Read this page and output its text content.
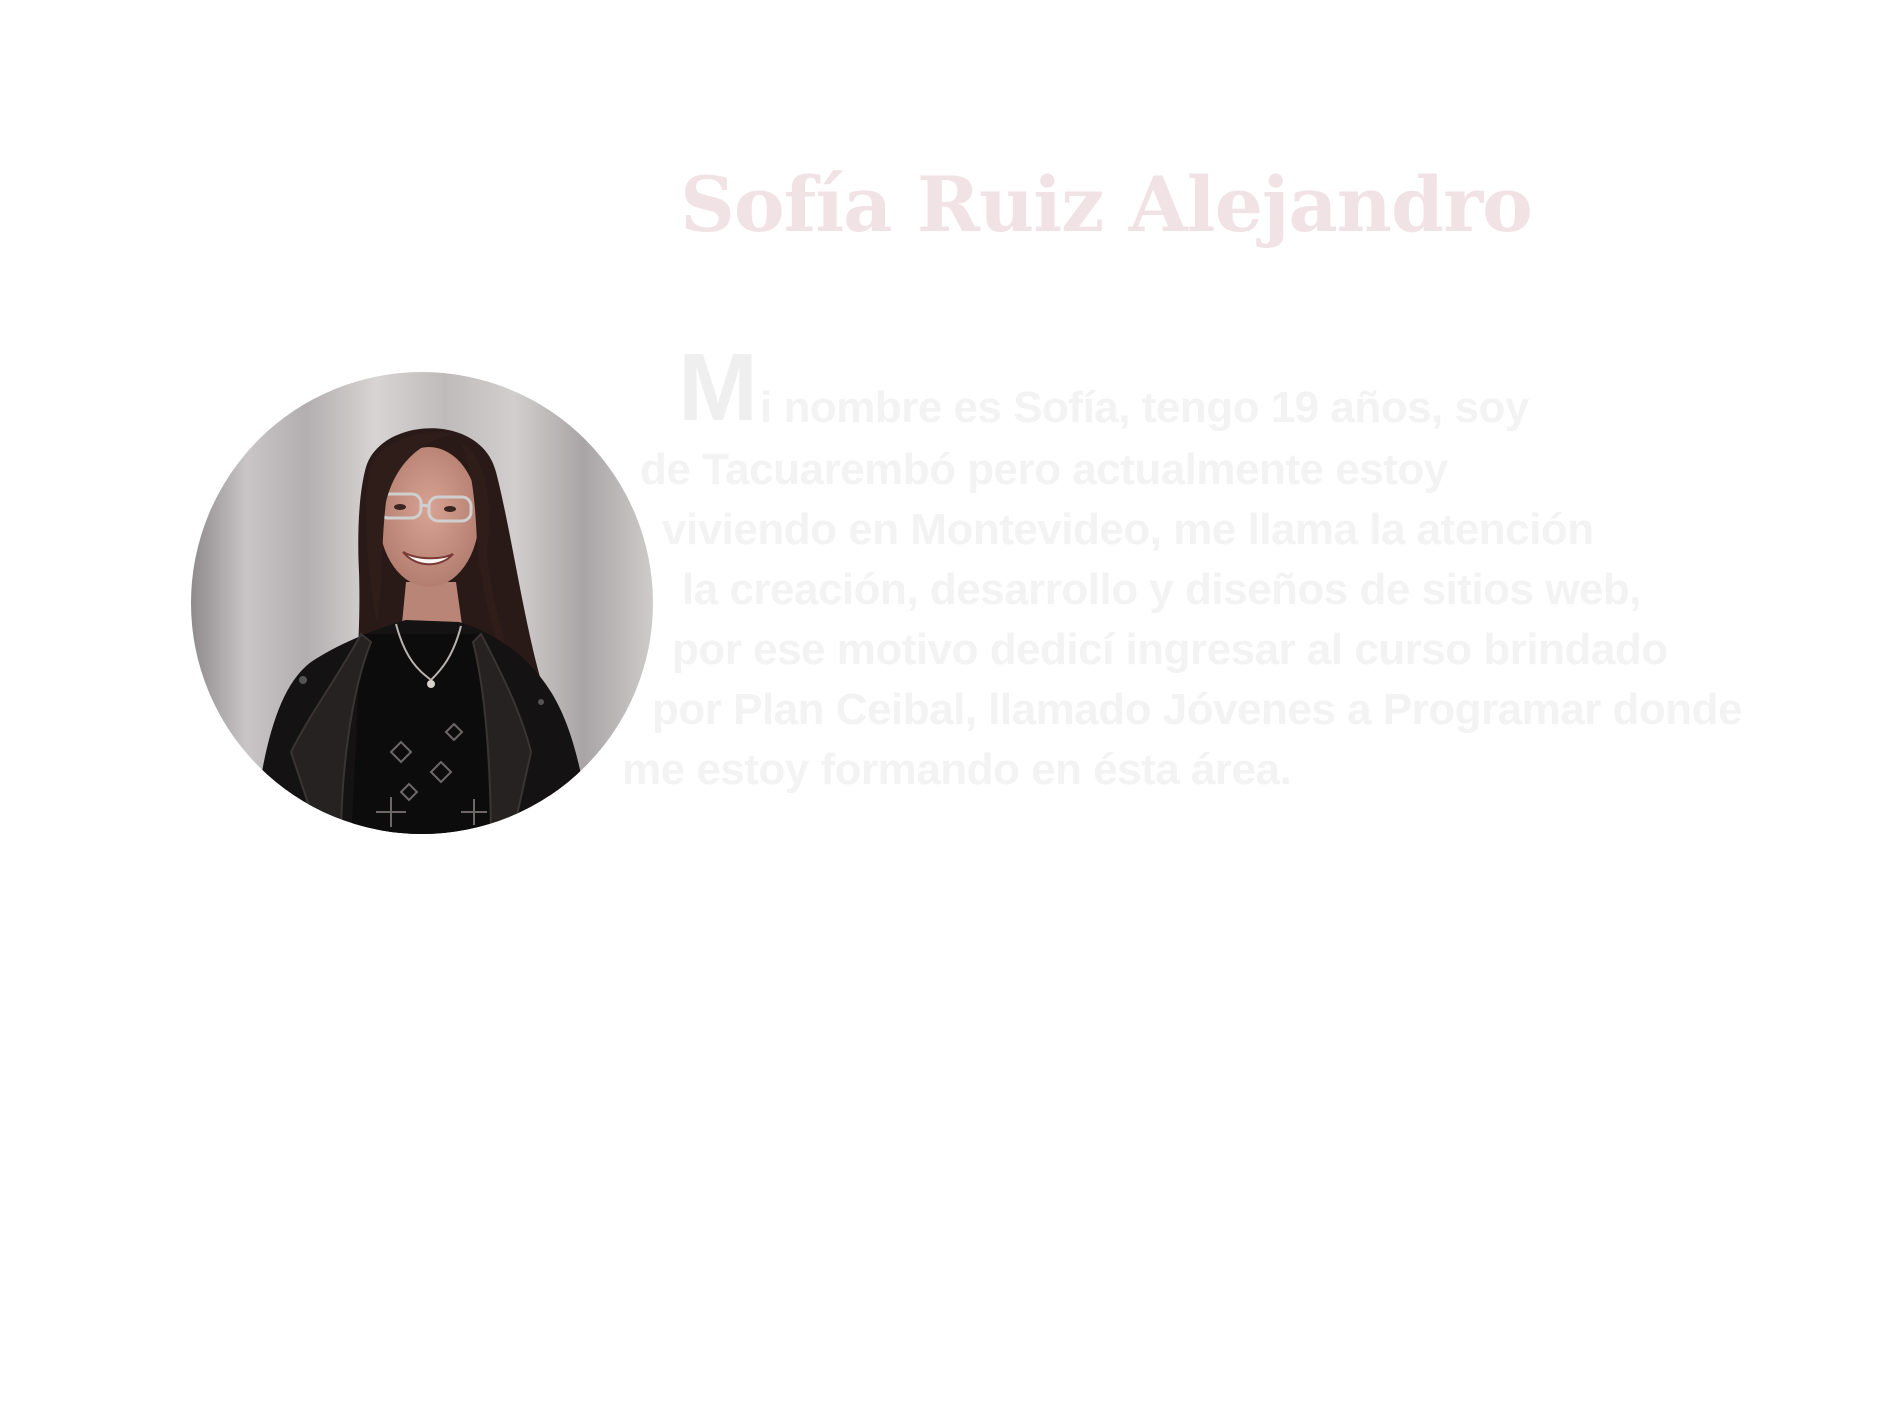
Sofía Ruiz Alejandro
M i nombre es Sofía, tengo 19 años, soy
de Tacuarembó pero actualmente estoy
viviendo en Montevideo, me llama la atención
la creación, desarrollo y diseños de sitios web,
por ese motivo dedicí ingresar al curso brindado
por Plan Ceibal, llamado Jóvenes a Programar donde
me estoy formando en ésta área.
